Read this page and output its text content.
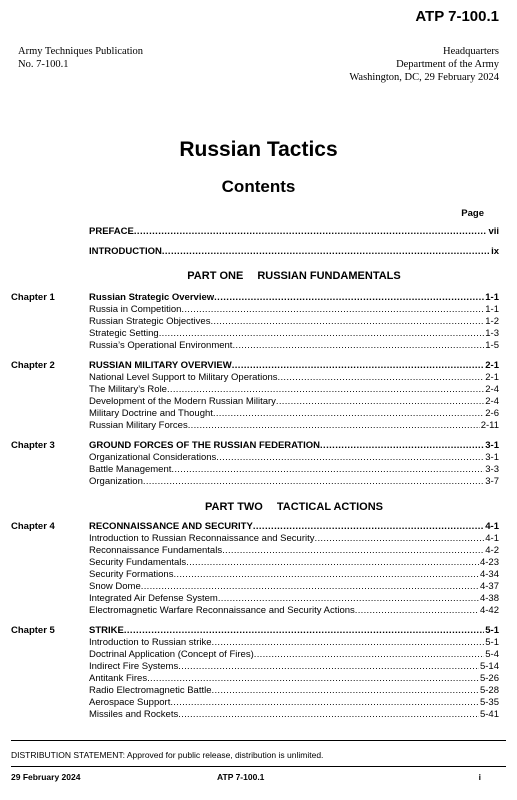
ATP 7-100.1
Army Techniques Publication
No. 7-100.1
Headquarters
Department of the Army
Washington, DC, 29 February 2024
Russian Tactics
Contents
Page
PREFACE .....	vii
INTRODUCTION .....	ix
PART ONE RUSSIAN FUNDAMENTALS
Chapter 1	Russian Strategic Overview .....	1-1
Russia in Competition .....	1-1
Russian Strategic Objectives .....	1-2
Strategic Setting .....	1-3
Russia’s Operational Environment .....	1-5
Chapter 2	RUSSIAN MILITARY OVERVIEW .....	2-1
National Level Support to Military Operations .....	2-1
The Military’s Role .....	2-4
Development of the Modern Russian Military .....	2-4
Military Doctrine and Thought .....	2-6
Russian Military Forces .....	2-11
Chapter 3	GROUND FORCES OF THE RUSSIAN FEDERATION .....	3-1
Organizational Considerations .....	3-1
Battle Management .....	3-3
Organization .....	3-7
PART TWO TACTICAL ACTIONS
Chapter 4	RECONNAISSANCE AND SECURITY .....	4-1
Introduction to Russian Reconnaissance and Security .....	4-1
Reconnaissance Fundamentals .....	4-2
Security Fundamentals .....	4-23
Security Formations .....	4-34
Snow Dome .....	4-37
Integrated Air Defense System .....	4-38
Electromagnetic Warfare Reconnaissance and Security Actions .....	4-42
Chapter 5	STRIKE .....	5-1
Introduction to Russian strike .....	5-1
Doctrinal Application (Concept of Fires) .....	5-4
Indirect Fire Systems .....	5-14
Antitank Fires .....	5-26
Radio Electromagnetic Battle .....	5-28
Aerospace Support .....	5-35
Missiles and Rockets .....	5-41
DISTRIBUTION STATEMENT: Approved for public release, distribution is unlimited.
29 February 2024	ATP 7-100.1	i
